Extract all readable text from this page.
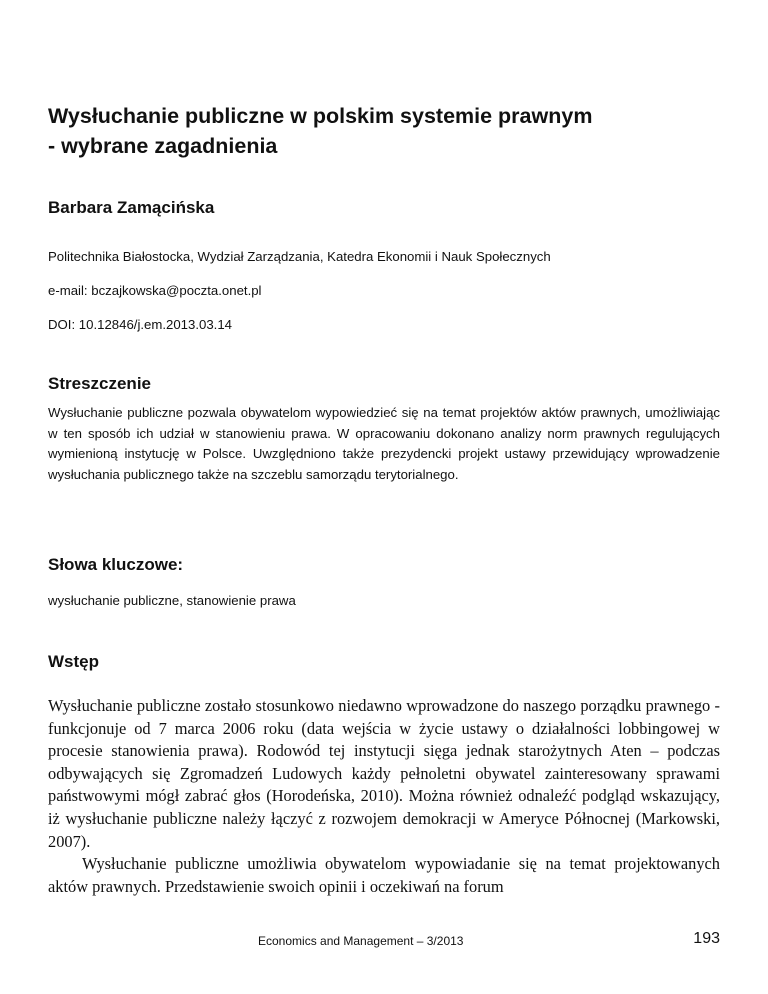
Wysłuchanie publiczne w polskim systemie prawnym
- wybrane zagadnienia

Barbara Zamącińska

Politechnika Białostocka, Wydział Zarządzania, Katedra Ekonomii i Nauk Społecznych

e-mail: bczajkowska@poczta.onet.pl

DOI: 10.12846/j.em.2013.03.14

Streszczenie

Wysłuchanie publiczne pozwala obywatelom wypowiedzieć się na temat projektów aktów prawnych, umożliwiając w ten sposób ich udział w stanowieniu prawa. W opracowaniu dokonano analizy norm prawnych regulujących wymienioną instytucję w Polsce. Uwzględniono także prezydencki projekt ustawy przewidujący wprowadzenie wysłuchania publicznego także na szczeblu samorządu terytorialnego.

Słowa kluczowe:

wysłuchanie publiczne, stanowienie prawa

Wstęp

Wysłuchanie publiczne zostało stosunkowo niedawno wprowadzone do naszego porządku prawnego - funkcjonuje od 7 marca 2006 roku (data wejścia w życie ustawy o działalności lobbingowej w procesie stanowienia prawa). Rodowód tej instytucji sięga jednak starożytnych Aten – podczas odbywających się Zgromadzeń Ludowych każdy pełnoletni obywatel zainteresowany sprawami państwowymi mógł zabrać głos (Horodeńska, 2010). Można również odnaleźć podgląd wskazujący, iż wysłuchanie publiczne należy łączyć z rozwojem demokracji w Ameryce Północnej (Markowski, 2007).

Wysłuchanie publiczne umożliwia obywatelom wypowiadanie się na temat projektowanych aktów prawnych. Przedstawienie swoich opinii i oczekiwań na forum

Economics and Management – 3/2013	193
